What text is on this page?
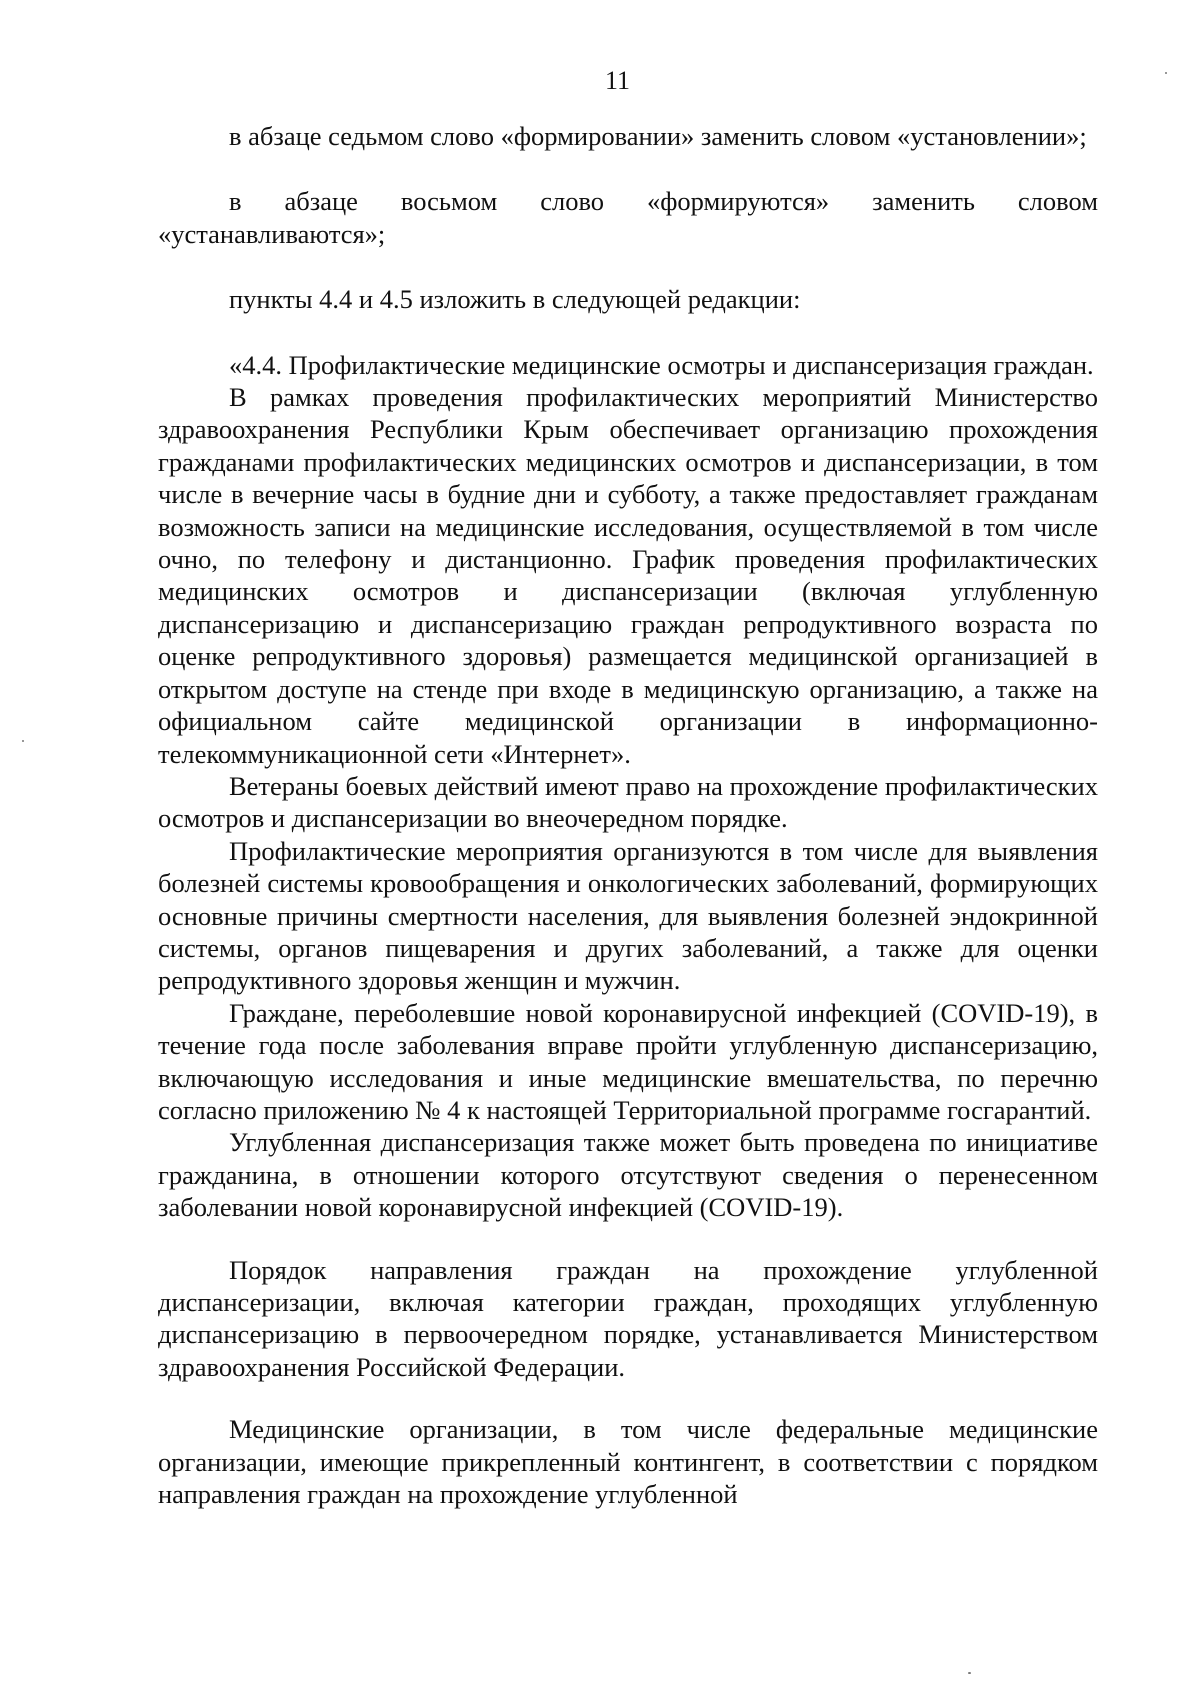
11

в абзаце седьмом слово «формировании» заменить словом «установлении»;

в абзаце восьмом слово «формируются» заменить словом «устанавливаются»;

пункты 4.4 и 4.5 изложить в следующей редакции:

«4.4. Профилактические медицинские осмотры и диспансеризация граждан.

В рамках проведения профилактических мероприятий Министерство здравоохранения Республики Крым обеспечивает организацию прохождения гражданами профилактических медицинских осмотров и диспансеризации, в том числе в вечерние часы в будние дни и субботу, а также предоставляет гражданам возможность записи на медицинские исследования, осуществляемой в том числе очно, по телефону и дистанционно. График проведения профилактических медицинских осмотров и диспансеризации (включая углубленную диспансеризацию и диспансеризацию граждан репродуктивного возраста по оценке репродуктивного здоровья) размещается медицинской организацией в открытом доступе на стенде при входе в медицинскую организацию, а также на официальном сайте медицинской организации в информационно-телекоммуникационной сети «Интернет».

Ветераны боевых действий имеют право на прохождение профилактических осмотров и диспансеризации во внеочередном порядке.

Профилактические мероприятия организуются в том числе для выявления болезней системы кровообращения и онкологических заболеваний, формирующих основные причины смертности населения, для выявления болезней эндокринной системы, органов пищеварения и других заболеваний, а также для оценки репродуктивного здоровья женщин и мужчин.

Граждане, переболевшие новой коронавирусной инфекцией (COVID-19), в течение года после заболевания вправе пройти углубленную диспансеризацию, включающую исследования и иные медицинские вмешательства, по перечню согласно приложению № 4 к настоящей Территориальной программе госгарантий.

Углубленная диспансеризация также может быть проведена по инициативе гражданина, в отношении которого отсутствуют сведения о перенесенном заболевании новой коронавирусной инфекцией (COVID-19).

Порядок направления граждан на прохождение углубленной диспансеризации, включая категории граждан, проходящих углубленную диспансеризацию в первоочередном порядке, устанавливается Министерством здравоохранения Российской Федерации.

Медицинские организации, в том числе федеральные медицинские организации, имеющие прикрепленный контингент, в соответствии с порядком направления граждан на прохождение углубленной
